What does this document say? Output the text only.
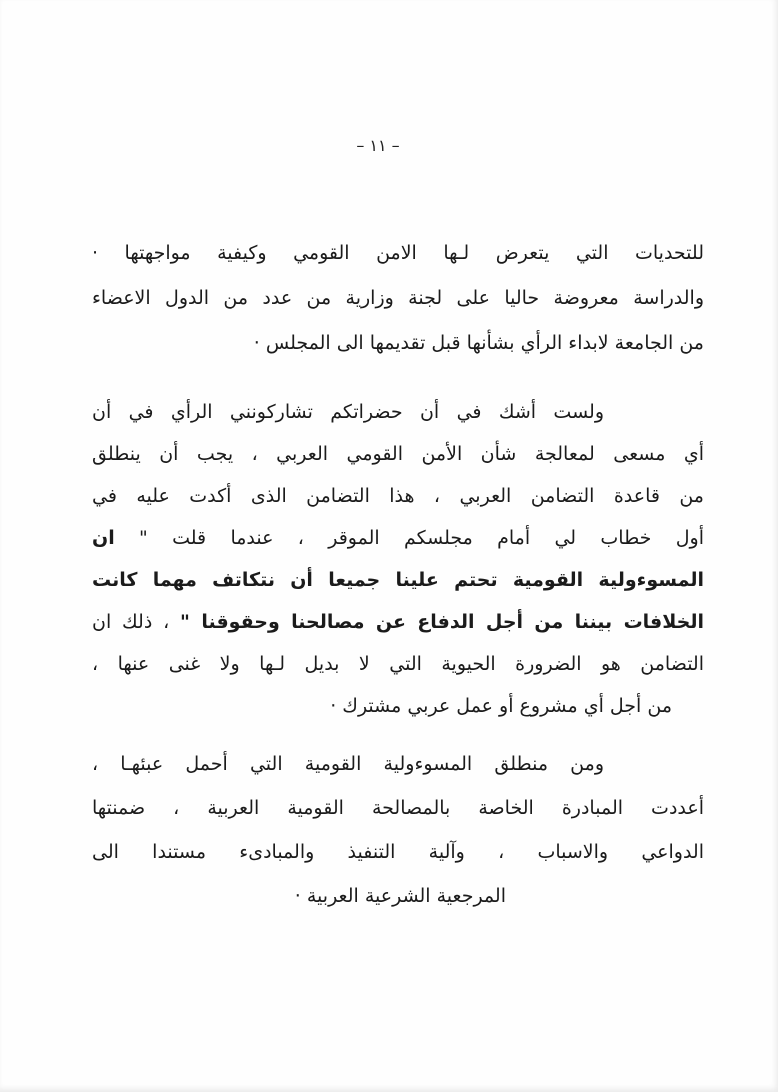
– ١١ –
للتحديات التي يتعرض لـها الامن القومي وكيفية مواجهتها ·
والدراسة معروضة حاليا على لجنة وزارية من عدد من الدول الاعضاء
من الجامعة لابداء الرأي بشأنها قبل تقديمها الى المجلس ·
ولست أشك في أن حضراتكم تشاركونني الرأي في أن
أي مسعى لمعالجة شأن الأمن القومي العربي ، يجب أن ينطلق
من قاعدة التضامن العربي ، هذا التضامن الذى أكدت عليه في
أول خطاب لي أمام مجلسكم الموقر ، عندما قلت " ان
المسوءولية القومية تحتم علينا جميعا أن نتكاتف مهما كانت
الخلافات بيننا من أجل الدفاع عن مصالحنا وحقوقنا " ، ذلك ان
التضامن هو الضرورة الحيوية التي لا بديل لـها ولا غنى عنها ،
من أجل أي مشروع أو عمل عربي مشترك ·
ومن منطلق المسوءولية القومية التي أحمل عبئهـا ،
أعددت المبادرة الخاصة بالمصالحة القومية العربية ، ضمنتها
الدواعي والاسباب ، وآلية التنفيذ والمبادىء مستندا الى
المرجعية الشرعية العربية ·
